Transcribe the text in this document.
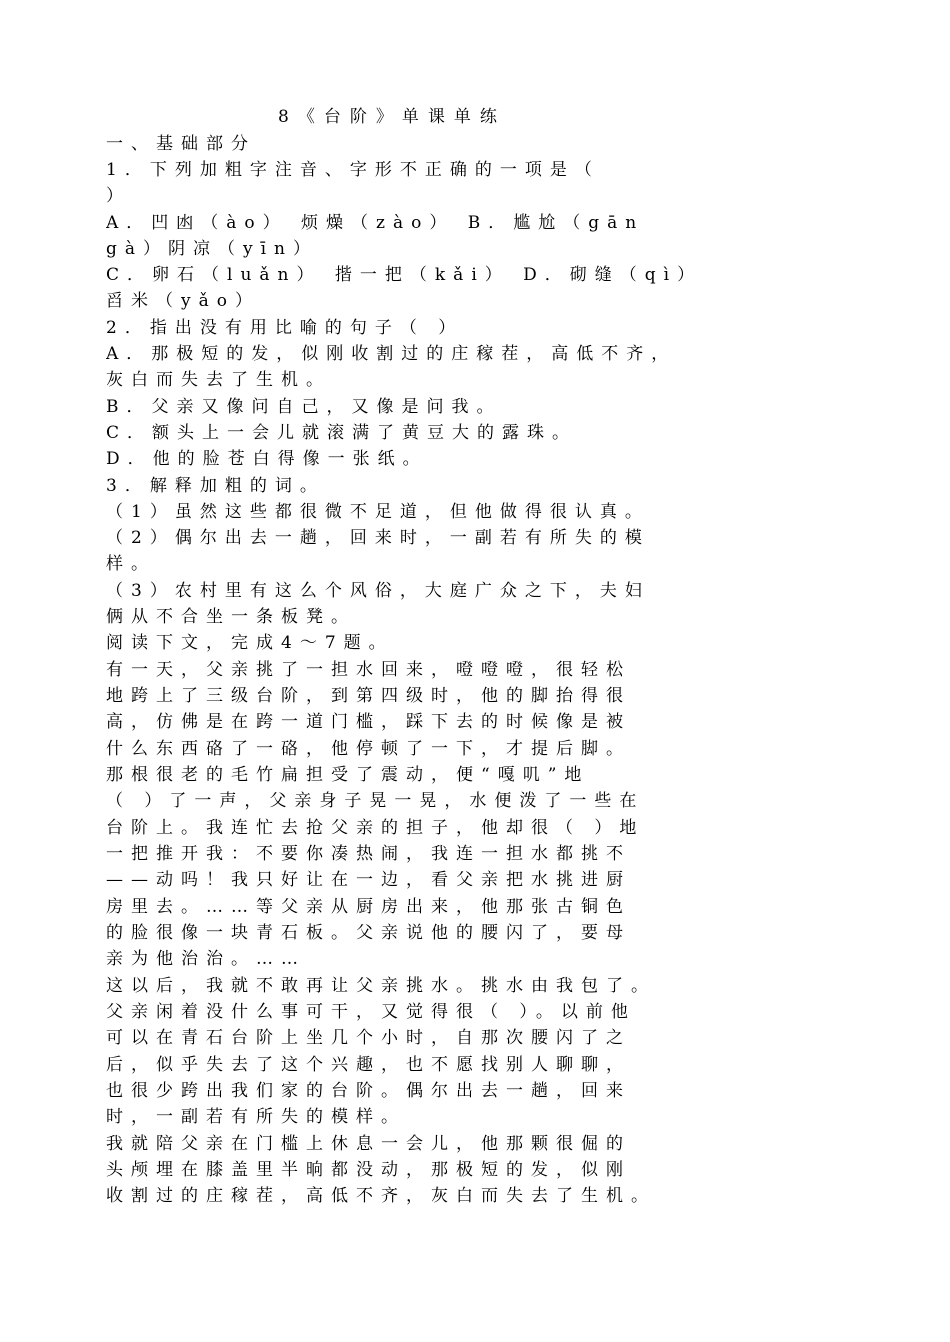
8《台阶》单课单练
一、基础部分
1．下列加粗字注音、字形不正确的一项是（
）
A．凹凼（ào） 烦燥（zào） B．尴尬（gān
gà）阴凉（yīn）
C．卵石（luǎn） 揩一把（kǎi） D．砌缝（qì）
舀米（yǎo）
2．指出没有用比喻的句子（ ）
A．那极短的发，似刚收割过的庄稼茬，高低不齐，
灰白而失去了生机。
B．父亲又像问自己，又像是问我。
C．额头上一会儿就滚满了黄豆大的露珠。
D．他的脸苍白得像一张纸。
3．解释加粗的词。
（1）虽然这些都很微不足道，但他做得很认真。
（2）偶尔出去一趟，回来时，一副若有所失的模
样。
（3）农村里有这么个风俗，大庭广众之下，夫妇
俩从不合坐一条板凳。
阅读下文，完成4～7题。
有一天，父亲挑了一担水回来，噔噔噔，很轻松
地跨上了三级台阶，到第四级时，他的脚抬得很
高，仿佛是在跨一道门槛，踩下去的时候像是被
什么东西硌了一硌，他停顿了一下，才提后脚。
那根很老的毛竹扁担受了震动，便“嘎叽”地
（ ）了一声，父亲身子晃一晃，水便泼了一些在
台阶上。我连忙去抢父亲的担子，他却很（ ）地
一把推开我：不要你凑热闹，我连一担水都挑不
——动吗！我只好让在一边，看父亲把水挑进厨
房里去。……等父亲从厨房出来，他那张古铜色
的脸很像一块青石板。父亲说他的腰闪了，要母
亲为他治治。……
这以后，我就不敢再让父亲挑水。挑水由我包了。
父亲闲着没什么事可干，又觉得很（ ）。以前他
可以在青石台阶上坐几个小时，自那次腰闪了之
后，似乎失去了这个兴趣，也不愿找别人聊聊，
也很少跨出我们家的台阶。偶尔出去一趟，回来
时，一副若有所失的模样。
我就陪父亲在门槛上休息一会儿，他那颗很倔的
头颅埋在膝盖里半晌都没动，那极短的发，似刚
收割过的庄稼茬，高低不齐，灰白而失去了生机。
